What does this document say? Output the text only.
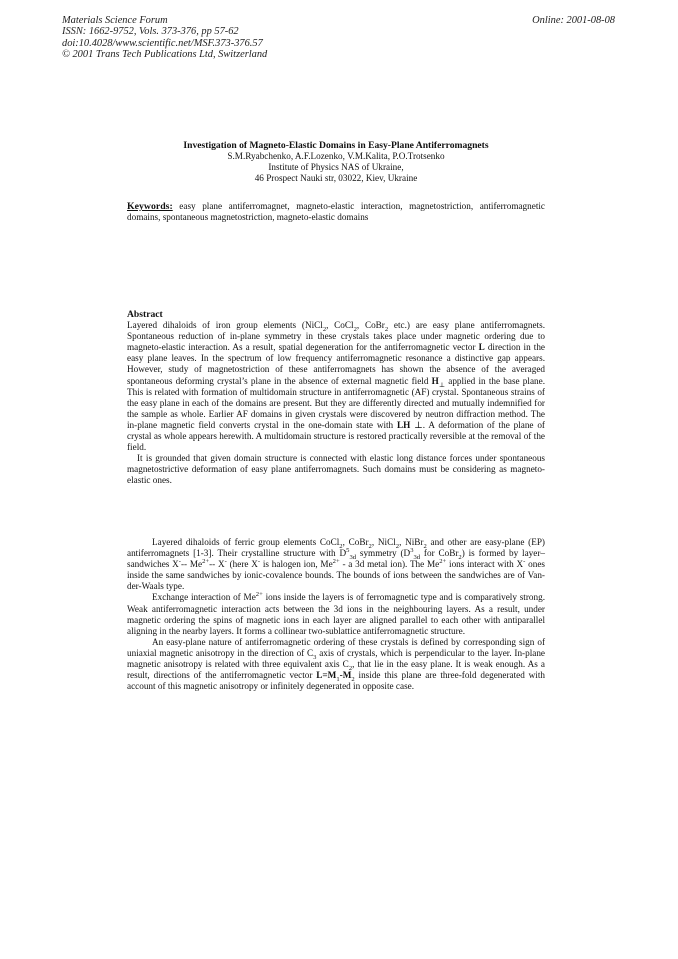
Materials Science Forum
ISSN: 1662-9752, Vols. 373-376, pp 57-62
doi:10.4028/www.scientific.net/MSF.373-376.57
© 2001 Trans Tech Publications Ltd, Switzerland
Online: 2001-08-08
Investigation of Magneto-Elastic Domains in Easy-Plane Antiferromagnets
S.M.Ryabchenko, A.F.Lozenko, V.M.Kalita, P.O.Trotsenko
Institute of Physics NAS of Ukraine,
46 Prospect Nauki str, 03022, Kiev, Ukraine
Keywords: easy plane antiferromagnet, magneto-elastic interaction, magnetostriction, antiferromagnetic domains, spontaneous magnetostriction, magneto-elastic domains
Abstract

Layered dihaloids of iron group elements (NiCl$_2$, CoCl$_2$, CoBr$_2$ etc.) are easy plane antiferromagnets. Spontaneous reduction of in-plane symmetry in these crystals takes place under magnetic ordering due to magneto-elastic interaction. As a result, spatial degeneration for the antiferromagnetic vector L direction in the easy plane leaves. In the spectrum of low frequency antiferromagnetic resonance a distinctive gap appears. However, study of magnetostriction of these antiferromagnets has shown the absence of the averaged spontaneous deforming crystal’s plane in the absence of external magnetic field $H_\perp$ applied in the base plane. This is related with formation of multidomain structure in antiferromagnetic (AF) crystal. Spontaneous strains of the easy plane in each of the domains are present. But they are differently directed and mutually indemnified for the sample as whole. Earlier AF domains in given crystals were discovered by neutron diffraction method. The in-plane magnetic field converts crystal in the one-domain state with LH ⊥. A deformation of the plane of crystal as whole appears herewith. A multidomain structure is restored practically reversible at the removal of the field.

It is grounded that given domain structure is connected with elastic long distance forces under spontaneous magnetostrictive deformation of easy plane antiferromagnets. Such domains must be considering as magneto-elastic ones.

Layered dihaloids of ferric group elements CoCl$_2$, CoBr$_2$, NiCl$_2$, NiBr$_2$ and other are easy-plane (EP) antiferromagnets [1-3]. Their crystalline structure with $D^5_{3d}$ symmetry ($D^3_{3d}$ for CoBr$_2$) is formed by layer–sandwiches X--- $Me^{2+}--$ X- (here X- is halogen ion, $Me^{2+}$ - a 3d metal ion). The $Me^{2+}$ ions interact with X- ones inside the same sandwiches by ionic-covalence bounds. The bounds of ions between the sandwiches are of Van-der-Waals type.

Exchange interaction of $Me^{2+}$ ions inside the layers is of ferromagnetic type and is comparatively strong. Weak antiferromagnetic interaction acts between the 3d ions in the neighbouring layers. As a result, under magnetic ordering the spins of magnetic ions in each layer are aligned parallel to each other with antiparallel aligning in the nearby layers. It forms a collinear two-sublattice antiferromagnetic structure.

An easy-plane nature of antiferromagnetic ordering of these crystals is defined by corresponding sign of uniaxial magnetic anisotropy in the direction of $C_3$ axis of crystals, which is perpendicular to the layer. In-plane magnetic anisotropy is related with three equivalent axis $C_2$, that lie in the easy plane. It is weak enough. As a result, directions of the antiferromagnetic vector $L=M_1-M_2$ inside this plane are three-fold degenerated with account of this magnetic anisotropy or infinitely degenerated in opposite case.
